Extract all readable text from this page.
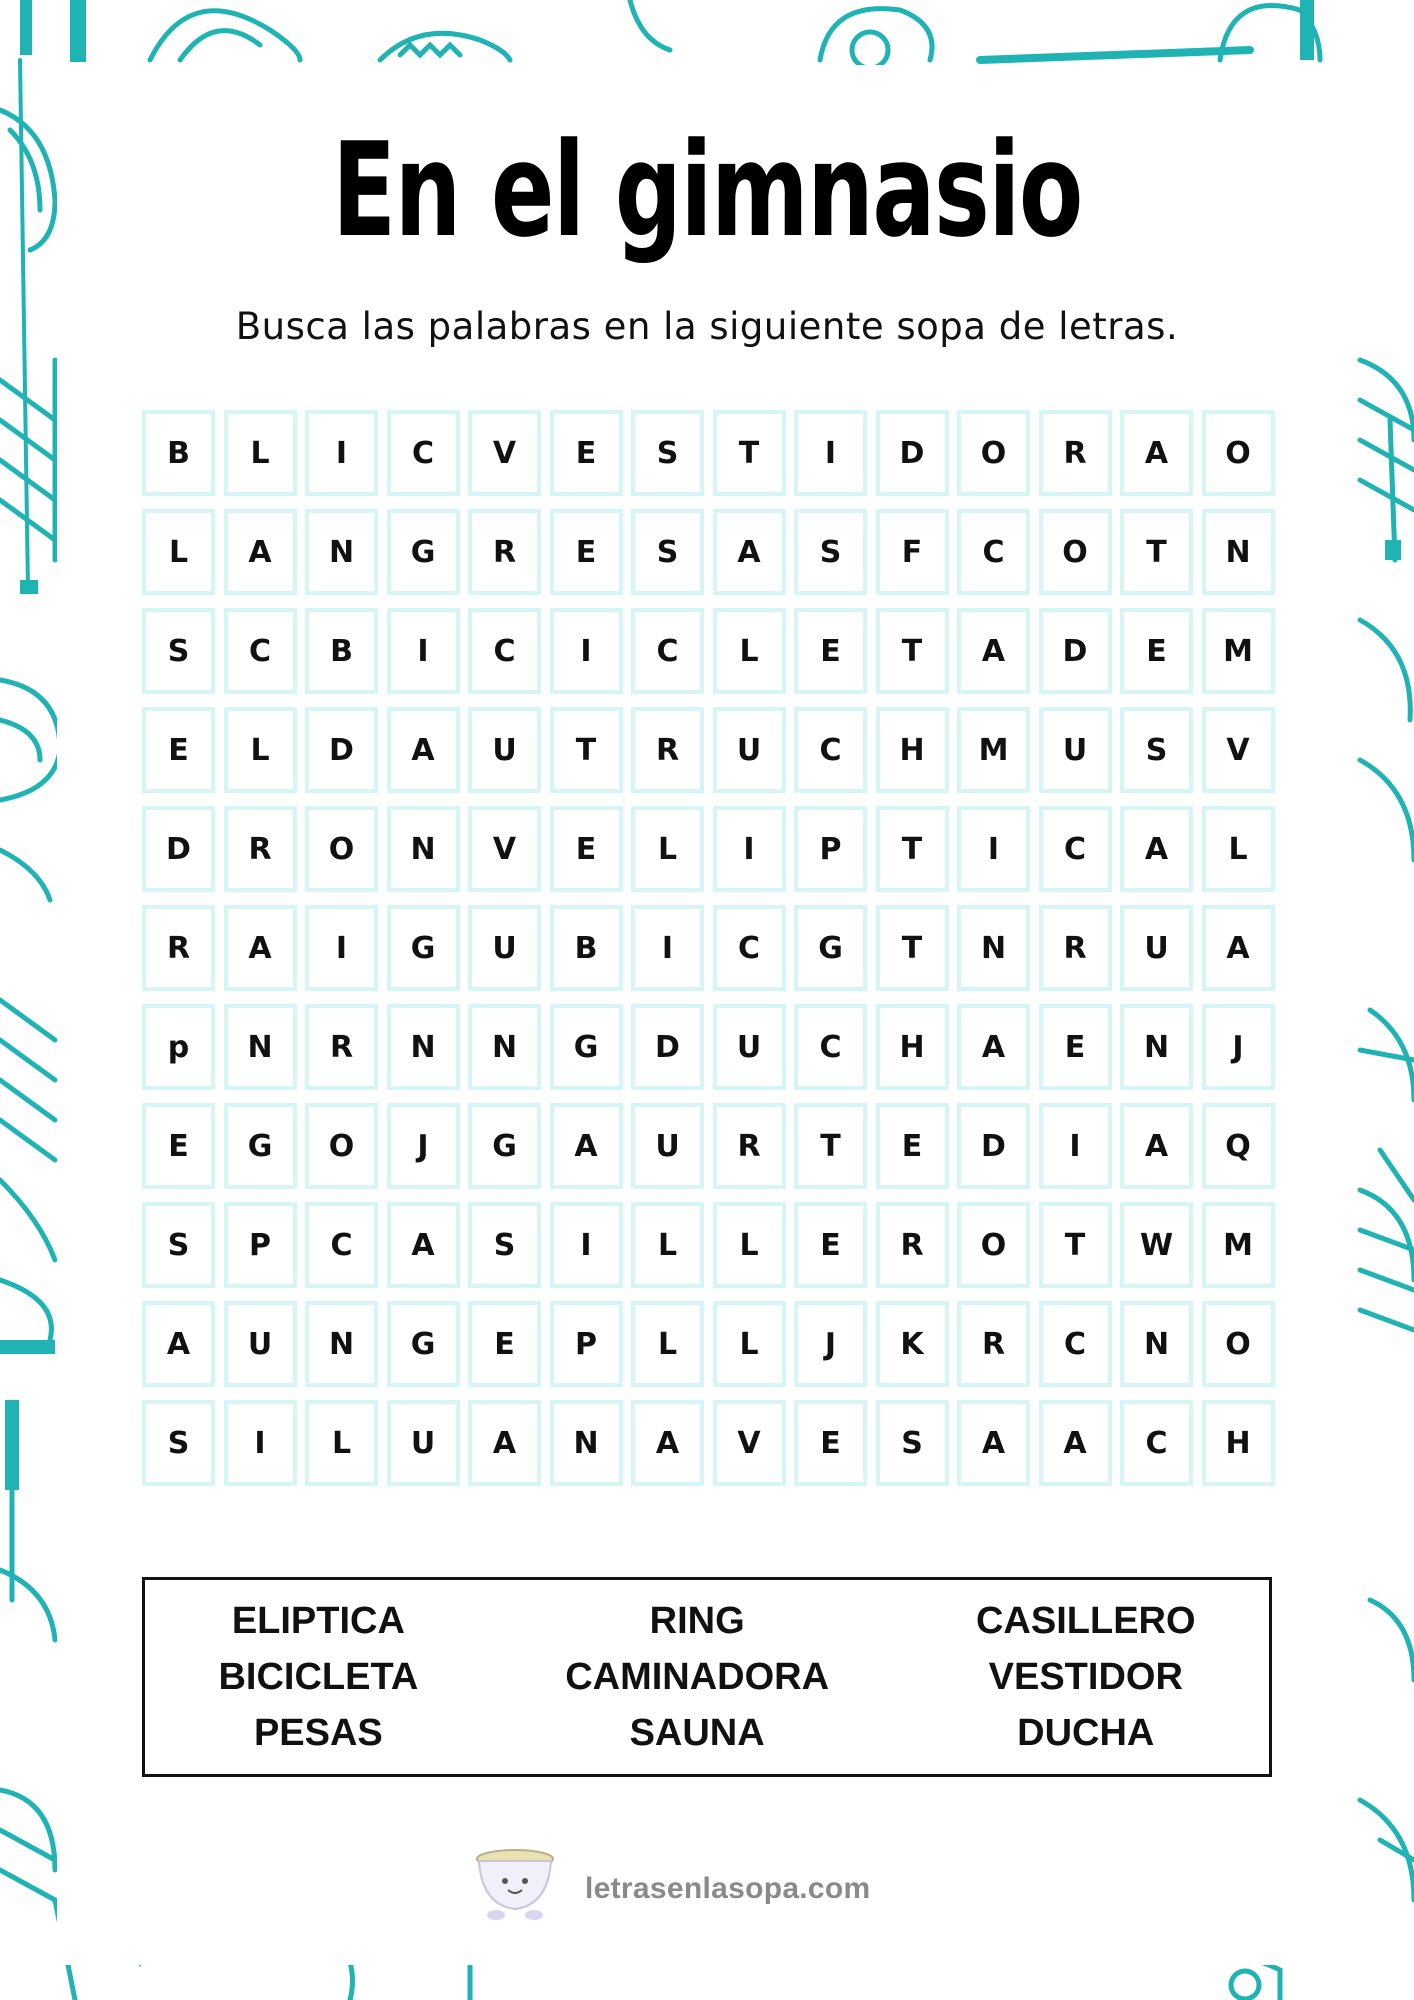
En el gimnasio
Busca las palabras en la siguiente sopa de letras.
B	L	I	C	V	E	S	T	I	D	O	R	A	O
L	A	N	G	R	E	S	A	S	F	C	O	T	N
S	C	B	I	C	I	C	L	E	T	A	D	E	M
E	L	D	A	U	T	R	U	C	H	M	U	S	V
D	R	O	N	V	E	L	I	P	T	I	C	A	L
R	A	I	G	U	B	I	C	G	T	N	R	U	A
p	N	R	N	N	G	D	U	C	H	A	E	N	J
E	G	O	J	G	A	U	R	T	E	D	I	A	Q
S	P	C	A	S	I	L	L	E	R	O	T	W	M
A	U	N	G	E	P	L	L	J	K	R	C	N	O
S	I	L	U	A	N	A	V	E	S	A	A	C	H
ELIPTICA
BICICLETA
PESAS
RING
CAMINADORA
SAUNA
CASILLERO
VESTIDOR
DUCHA
letrasenlasopa.com
